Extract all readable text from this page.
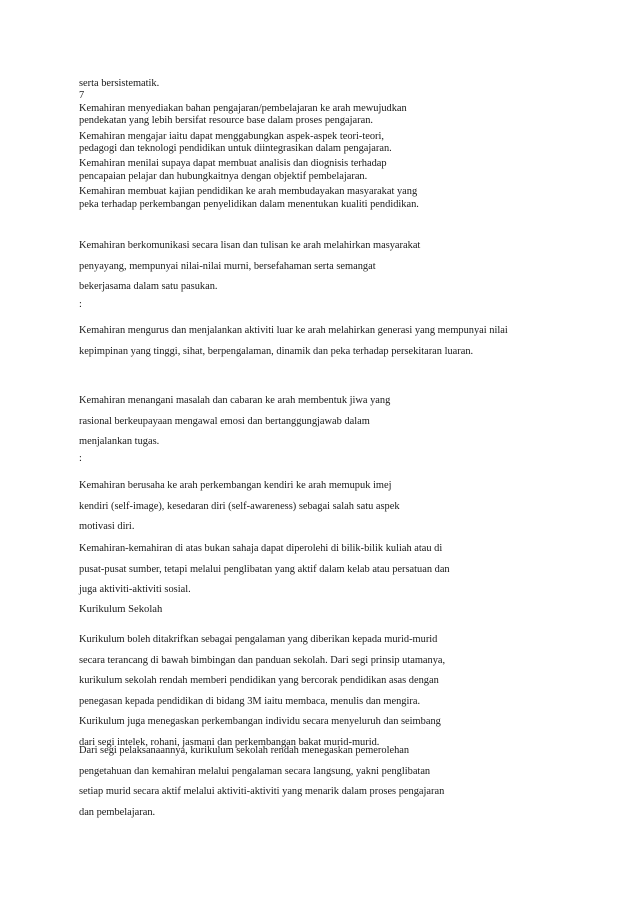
serta bersistematik.

7

Kemahiran menyediakan bahan pengajaran/pembelajaran ke arah mewujudkan

pendekatan yang lebih bersifat resource base dalam proses pengajaran.

Kemahiran mengajar iaitu dapat menggabungkan aspek-aspek teori-teori,

pedagogi dan teknologi pendidikan untuk diintegrasikan dalam pengajaran.

Kemahiran menilai supaya dapat membuat analisis dan diognisis terhadap

pencapaian pelajar dan hubungkaitnya dengan objektif pembelajaran.

Kemahiran membuat kajian pendidikan ke arah membudayakan masyarakat yang

peka terhadap perkembangan penyelidikan dalam menentukan kualiti pendidikan.

Kemahiran berkomunikasi secara lisan dan tulisan ke arah melahirkan masyarakat
penyayang, mempunyai nilai-nilai murni, bersefahaman serta semangat
bekerjasama dalam satu pasukan.
:
Kemahiran mengurus dan menjalankan aktiviti luar ke arah melahirkan generasi yang mempunyai nilai
kepimpinan yang tinggi, sihat, berpengalaman, dinamik dan peka terhadap persekitaran luaran.
Kemahiran menangani masalah dan cabaran ke arah membentuk jiwa yang
rasional berkeupayaan mengawal emosi dan bertanggungjawab dalam
menjalankan tugas.
:
Kemahiran berusaha ke arah perkembangan kendiri ke arah memupuk imej
kendiri (self-image), kesedaran diri (self-awareness) sebagai salah satu aspek
motivasi diri.
Kemahiran-kemahiran di atas bukan sahaja dapat diperolehi di bilik-bilik kuliah atau di
pusat-pusat sumber, tetapi melalui penglibatan yang aktif dalam kelab atau persatuan dan
juga aktiviti-aktiviti sosial.
Kurikulum Sekolah
Kurikulum boleh ditakrifkan sebagai pengalaman yang diberikan kepada murid-murid
secara terancang di bawah bimbingan dan panduan sekolah. Dari segi prinsip utamanya,
kurikulum sekolah rendah memberi pendidikan yang bercorak pendidikan asas dengan
penegasan kepada pendidikan di bidang 3M iaitu membaca, menulis dan mengira.
Kurikulum juga menegaskan perkembangan individu secara menyeluruh dan seimbang
dari segi intelek, rohani, jasmani dan perkembangan bakat murid-murid.
Dari segi pelaksanaannya, kurikulum sekolah rendah menegaskan pemerolehan
pengetahuan dan kemahiran melalui pengalaman secara langsung, yakni penglibatan
setiap murid secara aktif melalui aktiviti-aktiviti yang menarik dalam proses pengajaran
dan pembelajaran.
